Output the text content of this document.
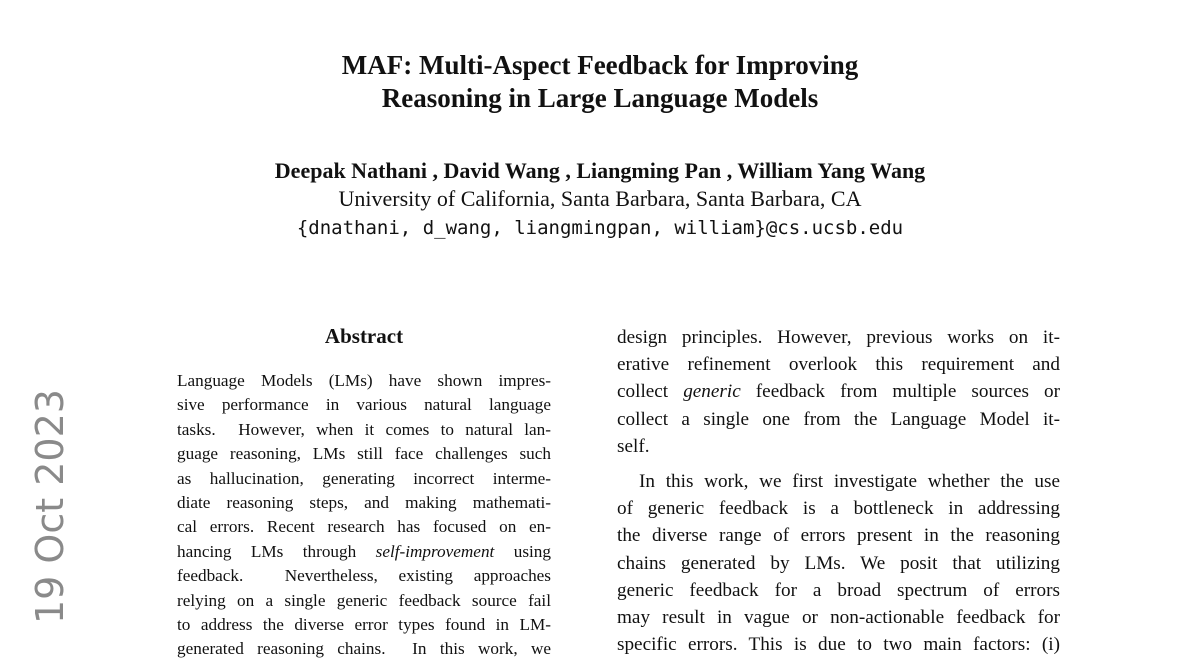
MAF: Multi-Aspect Feedback for Improving
Reasoning in Large Language Models
Deepak Nathani , David Wang , Liangming Pan , William Yang Wang
University of California, Santa Barbara, Santa Barbara, CA
{dnathani, d_wang, liangmingpan, william}@cs.ucsb.edu
19 Oct 2023
Abstract
Language Models (LMs) have shown impres-
sive performance in various natural language
tasks.  However, when it comes to natural lan-
guage reasoning, LMs still face challenges such
as hallucination, generating incorrect interme-
diate reasoning steps, and making mathemati-
cal errors. Recent research has focused on en-
hancing LMs through self-improvement using
feedback.  Nevertheless, existing approaches
relying on a single generic feedback source fail
to address the diverse error types found in LM-
generated reasoning chains.  In this work, we
design principles. However, previous works on it-
erative refinement overlook this requirement and
collect generic feedback from multiple sources or
collect a single one from the Language Model it-
self.
In this work, we first investigate whether the use
of generic feedback is a bottleneck in addressing
the diverse range of errors present in the reasoning
chains generated by LMs. We posit that utilizing
generic feedback for a broad spectrum of errors
may result in vague or non-actionable feedback for
specific errors. This is due to two main factors: (i)
